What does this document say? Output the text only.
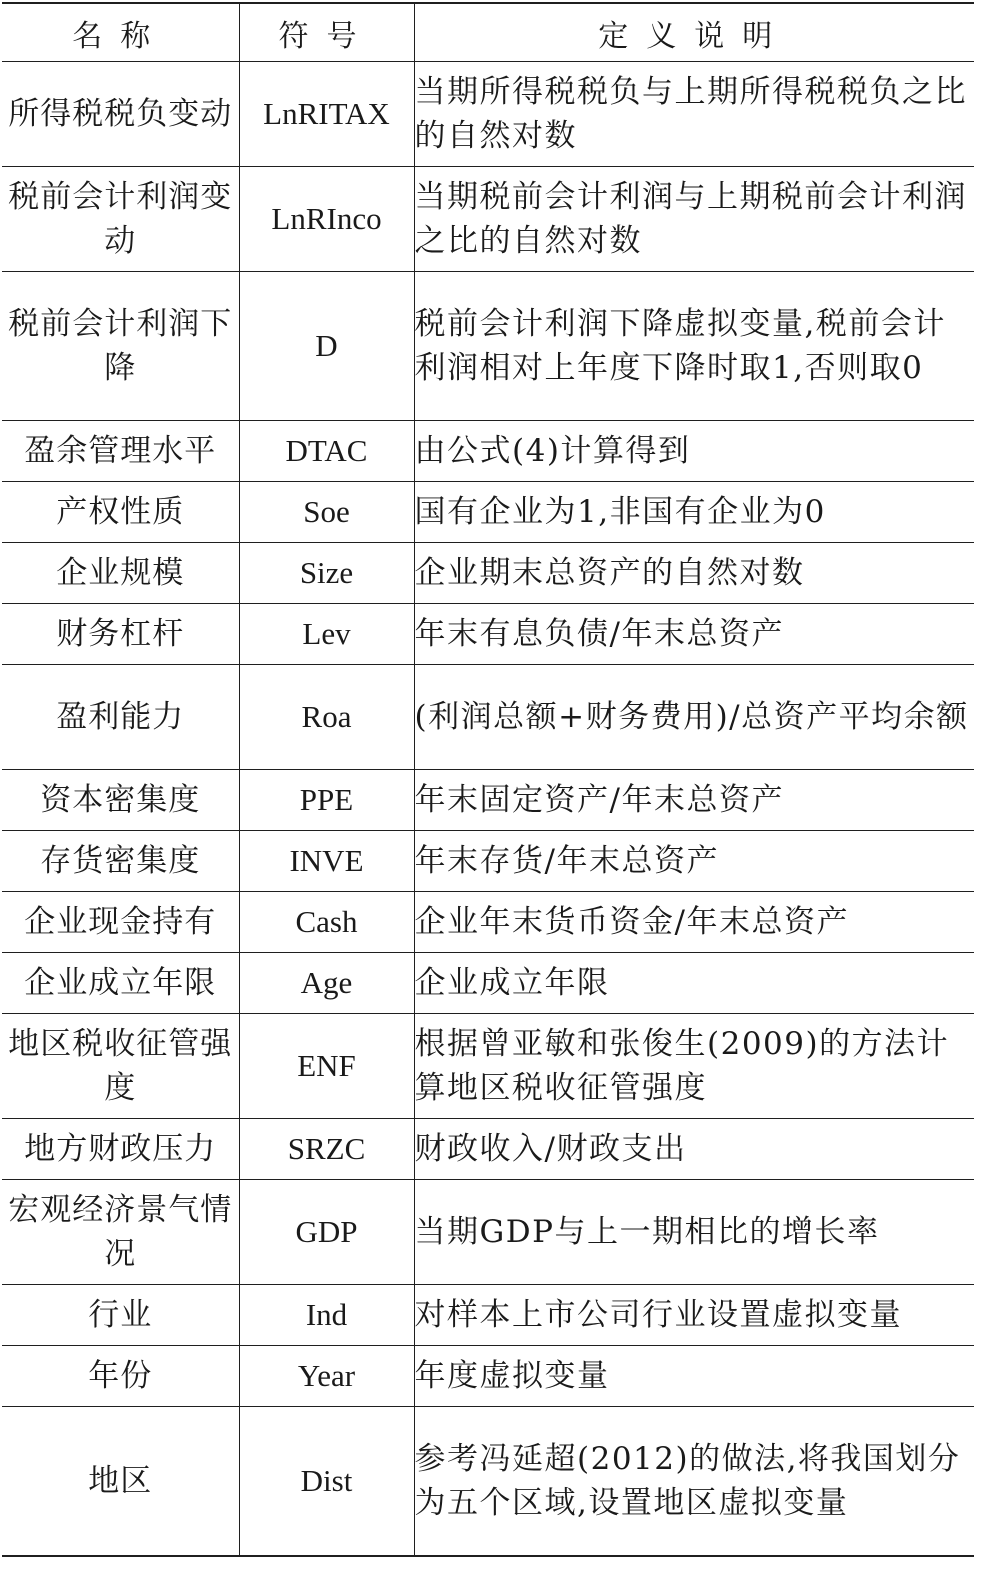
名称	符号	定义说明
所得税税负变动	LnRITAX	当期所得税税负与上期所得税税负之比的自然对数
税前会计利润变动	LnRInco	当期税前会计利润与上期税前会计利润之比的自然对数
税前会计利润下降	D	税前会计利润下降虚拟变量,税前会计利润相对上年度下降时取1,否则取0
盈余管理水平	DTAC	由公式(4)计算得到
产权性质	Soe	国有企业为1,非国有企业为0
企业规模	Size	企业期末总资产的自然对数
财务杠杆	Lev	年末有息负债/年末总资产
盈利能力	Roa	(利润总额+财务费用)/总资产平均余额
资本密集度	PPE	年末固定资产/年末总资产
存货密集度	INVE	年末存货/年末总资产
企业现金持有	Cash	企业年末货币资金/年末总资产
企业成立年限	Age	企业成立年限
地区税收征管强度	ENF	根据曾亚敏和张俊生(2009)的方法计算地区税收征管强度
地方财政压力	SRZC	财政收入/财政支出
宏观经济景气情况	GDP	当期GDP与上一期相比的增长率
行业	Ind	对样本上市公司行业设置虚拟变量
年份	Year	年度虚拟变量
地区	Dist	参考冯延超(2012)的做法,将我国划分为五个区域,设置地区虚拟变量
